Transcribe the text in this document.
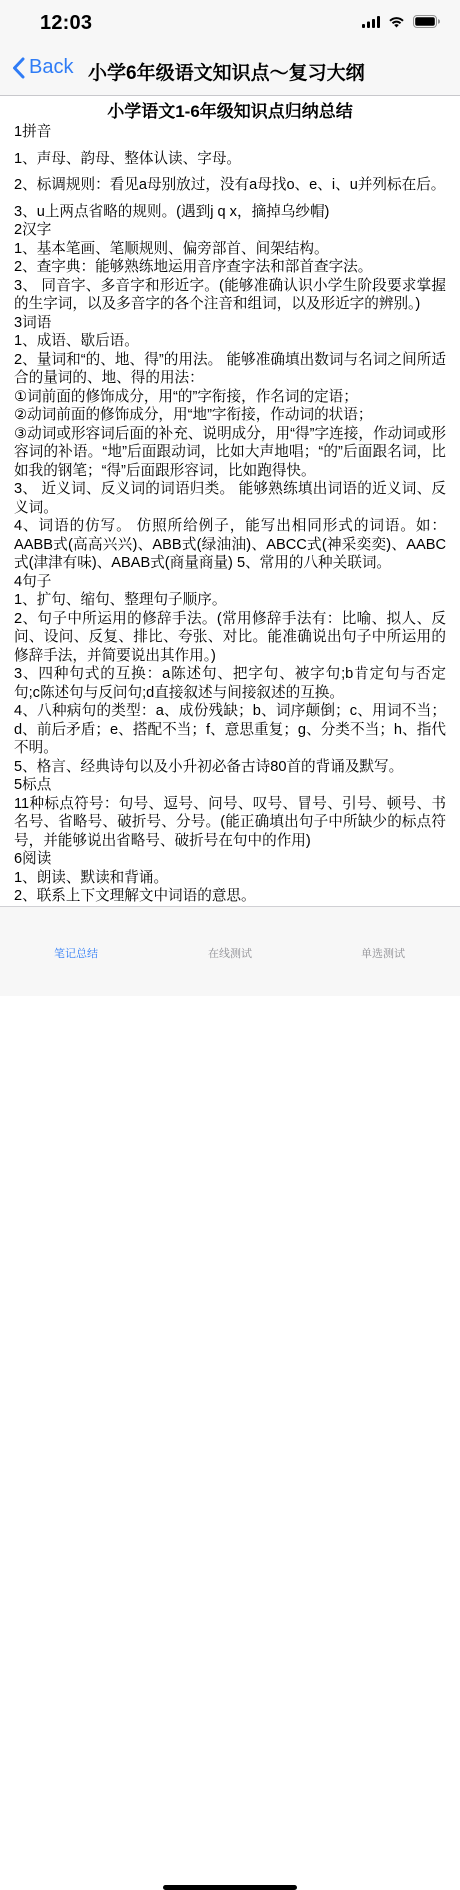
12:03
Back 小学6年级语文知识点～复习大纲
小学语文1-6年级知识点归纳总结

1拼音

1、声母、韵母、整体认读、字母。

2、标调规则：看见a母别放过，没有a母找o、e、i、u并列标在后。

3、u上两点省略的规则。(遇到j q x，摘掉乌纱帽)

2汉字

1、基本笔画、笔顺规则、偏旁部首、间架结构。

2、查字典：能够熟练地运用音序查字法和部首查字法。

3、 同音字、多音字和形近字。(能够准确认识小学生阶段要求掌握的生字词，以及多音字的各个注音和组词，以及形近字的辨别。)

3词语

1、成语、歇后语。

2、量词和“的、地、得”的用法。 能够准确填出数词与名词之间所适合的量词的、地、得的用法：

①词前面的修饰成分，用“的”字衔接，作名词的定语；

②动词前面的修饰成分，用“地”字衔接，作动词的状语；

③动词或形容词后面的补充、说明成分，用“得”字连接，作动词或形容词的补语。“地”后面跟动词，比如大声地唱；“的”后面跟名词，比如我的钢笔；“得”后面跟形容词，比如跑得快。

3、 近义词、反义词的词语归类。 能够熟练填出词语的近义词、反义词。

4、词语的仿写。 仿照所给例子，能写出相同形式的词语。如：AABB式(高高兴兴)、ABB式(绿油油)、ABCC式(神采奕奕)、AABC式(津津有味)、ABAB式(商量商量) 5、常用的八种关联词。

4句子

1、扩句、缩句、整理句子顺序。

2、句子中所运用的修辞手法。(常用修辞手法有：比喻、拟人、反问、设问、反复、排比、夸张、对比。能准确说出句子中所运用的修辞手法，并简要说出其作用。)

3、四种句式的互换：a陈述句、把字句、被字句;b肯定句与否定句;c陈述句与反问句;d直接叙述与间接叙述的互换。

4、八种病句的类型：a、成份残缺；b、词序颠倒；c、用词不当；d、前后矛盾；e、搭配不当；f、意思重复；g、分类不当；h、指代不明。

5、格言、经典诗句以及小升初必备古诗80首的背诵及默写。

5标点

11种标点符号：句号、逗号、问号、叹号、冒号、引号、顿号、书名号、省略号、破折号、分号。(能正确填出句子中所缺少的标点符号，并能够说出省略号、破折号在句中的作用)

6阅读

1、朗读、默读和背诵。

2、联系上下文理解文中词语的意思。

笔记总结	在线测试	单选测试
